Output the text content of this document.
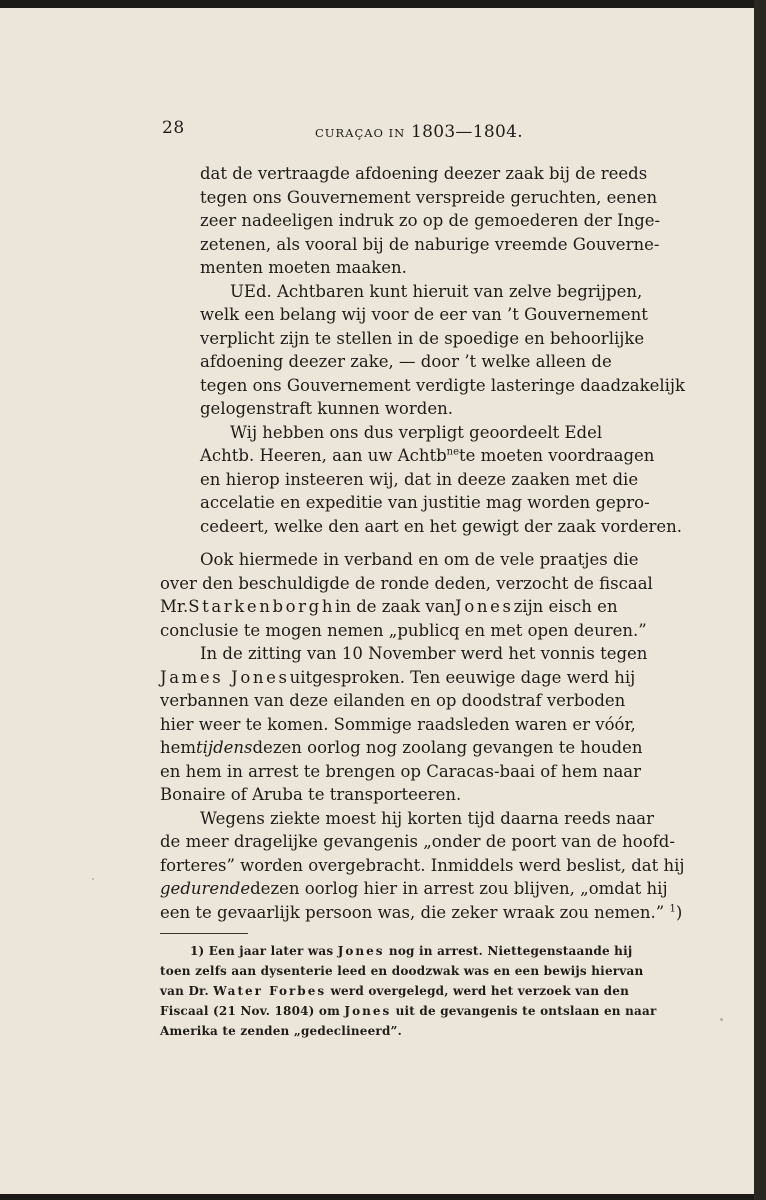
28	CURAÇAO IN 1803—1804.
dat de vertraagde afdoening deezer zaak bij de reeds
tegen ons Gouvernement verspreide geruchten, eenen
zeer nadeeligen indruk zo op de gemoederen der Inge-
zetenen, als vooral bij de naburige vreemde Gouverne-
menten moeten maaken.
UEd. Achtbaren kunt hieruit van zelve begrijpen,
welk een belang wij voor de eer van ’t Gouvernement
verplicht zijn te stellen in de spoedige en behoorlijke
afdoening deezer zake, — door ’t welke alleen de
tegen ons Gouvernement verdigte lasteringe daadzakelijk
gelogenstraft kunnen worden.
Wij hebben ons dus verpligt geoordeelt Edel
Achtb. Heeren, aan uw Achtb$^{ne}$te moeten voordraagen
en hierop insteeren wij, dat in deeze zaaken met die
accelatie en expeditie van justitie mag worden gepro-
cedeert, welke den aart en het gewigt der zaak vorderen.
Ook hiermede in verband en om de vele praatjes die
over den beschuldigde de ronde deden, verzocht de fiscaal
Mr.Starkenborghin de zaak vanJoneszijn eisch en
conclusie te mogen nemen „publicq en met open deuren.”
In de zitting van 10 November werd het vonnis tegen
James Jonesuitgesproken. Ten eeuwige dage werd hij
verbannen van deze eilanden en op doodstraf verboden
hier weer te komen. Sommige raadsleden waren er vóór,
hemtijdensdezen oorlog nog zoolang gevangen te houden
en hem in arrest te brengen op Caracas-baai of hem naar
Bonaire of Aruba te transporteeren.
Wegens ziekte moest hij korten tijd daarna reeds naar
de meer dragelijke gevangenis „onder de poort van de hoofd-
forteres” worden overgebracht. Inmiddels werd beslist, dat hij
gedurendedezen oorlog hier in arrest zou blijven, „omdat hij
een te gevaarlijk persoon was, die zeker wraak zou nemen.” $^1$)
1) Een jaar later was Jones nog in arrest. Niettegenstaande hij
toen zelfs aan dysenterie leed en doodzwak was en een bewijs hiervan
van Dr. Water Forbes werd overgelegd, werd het verzoek van den
Fiscaal (21 Nov. 1804) om Jones uit de gevangenis te ontslaan en naar
Amerika te zenden „gedeclineerd”.
